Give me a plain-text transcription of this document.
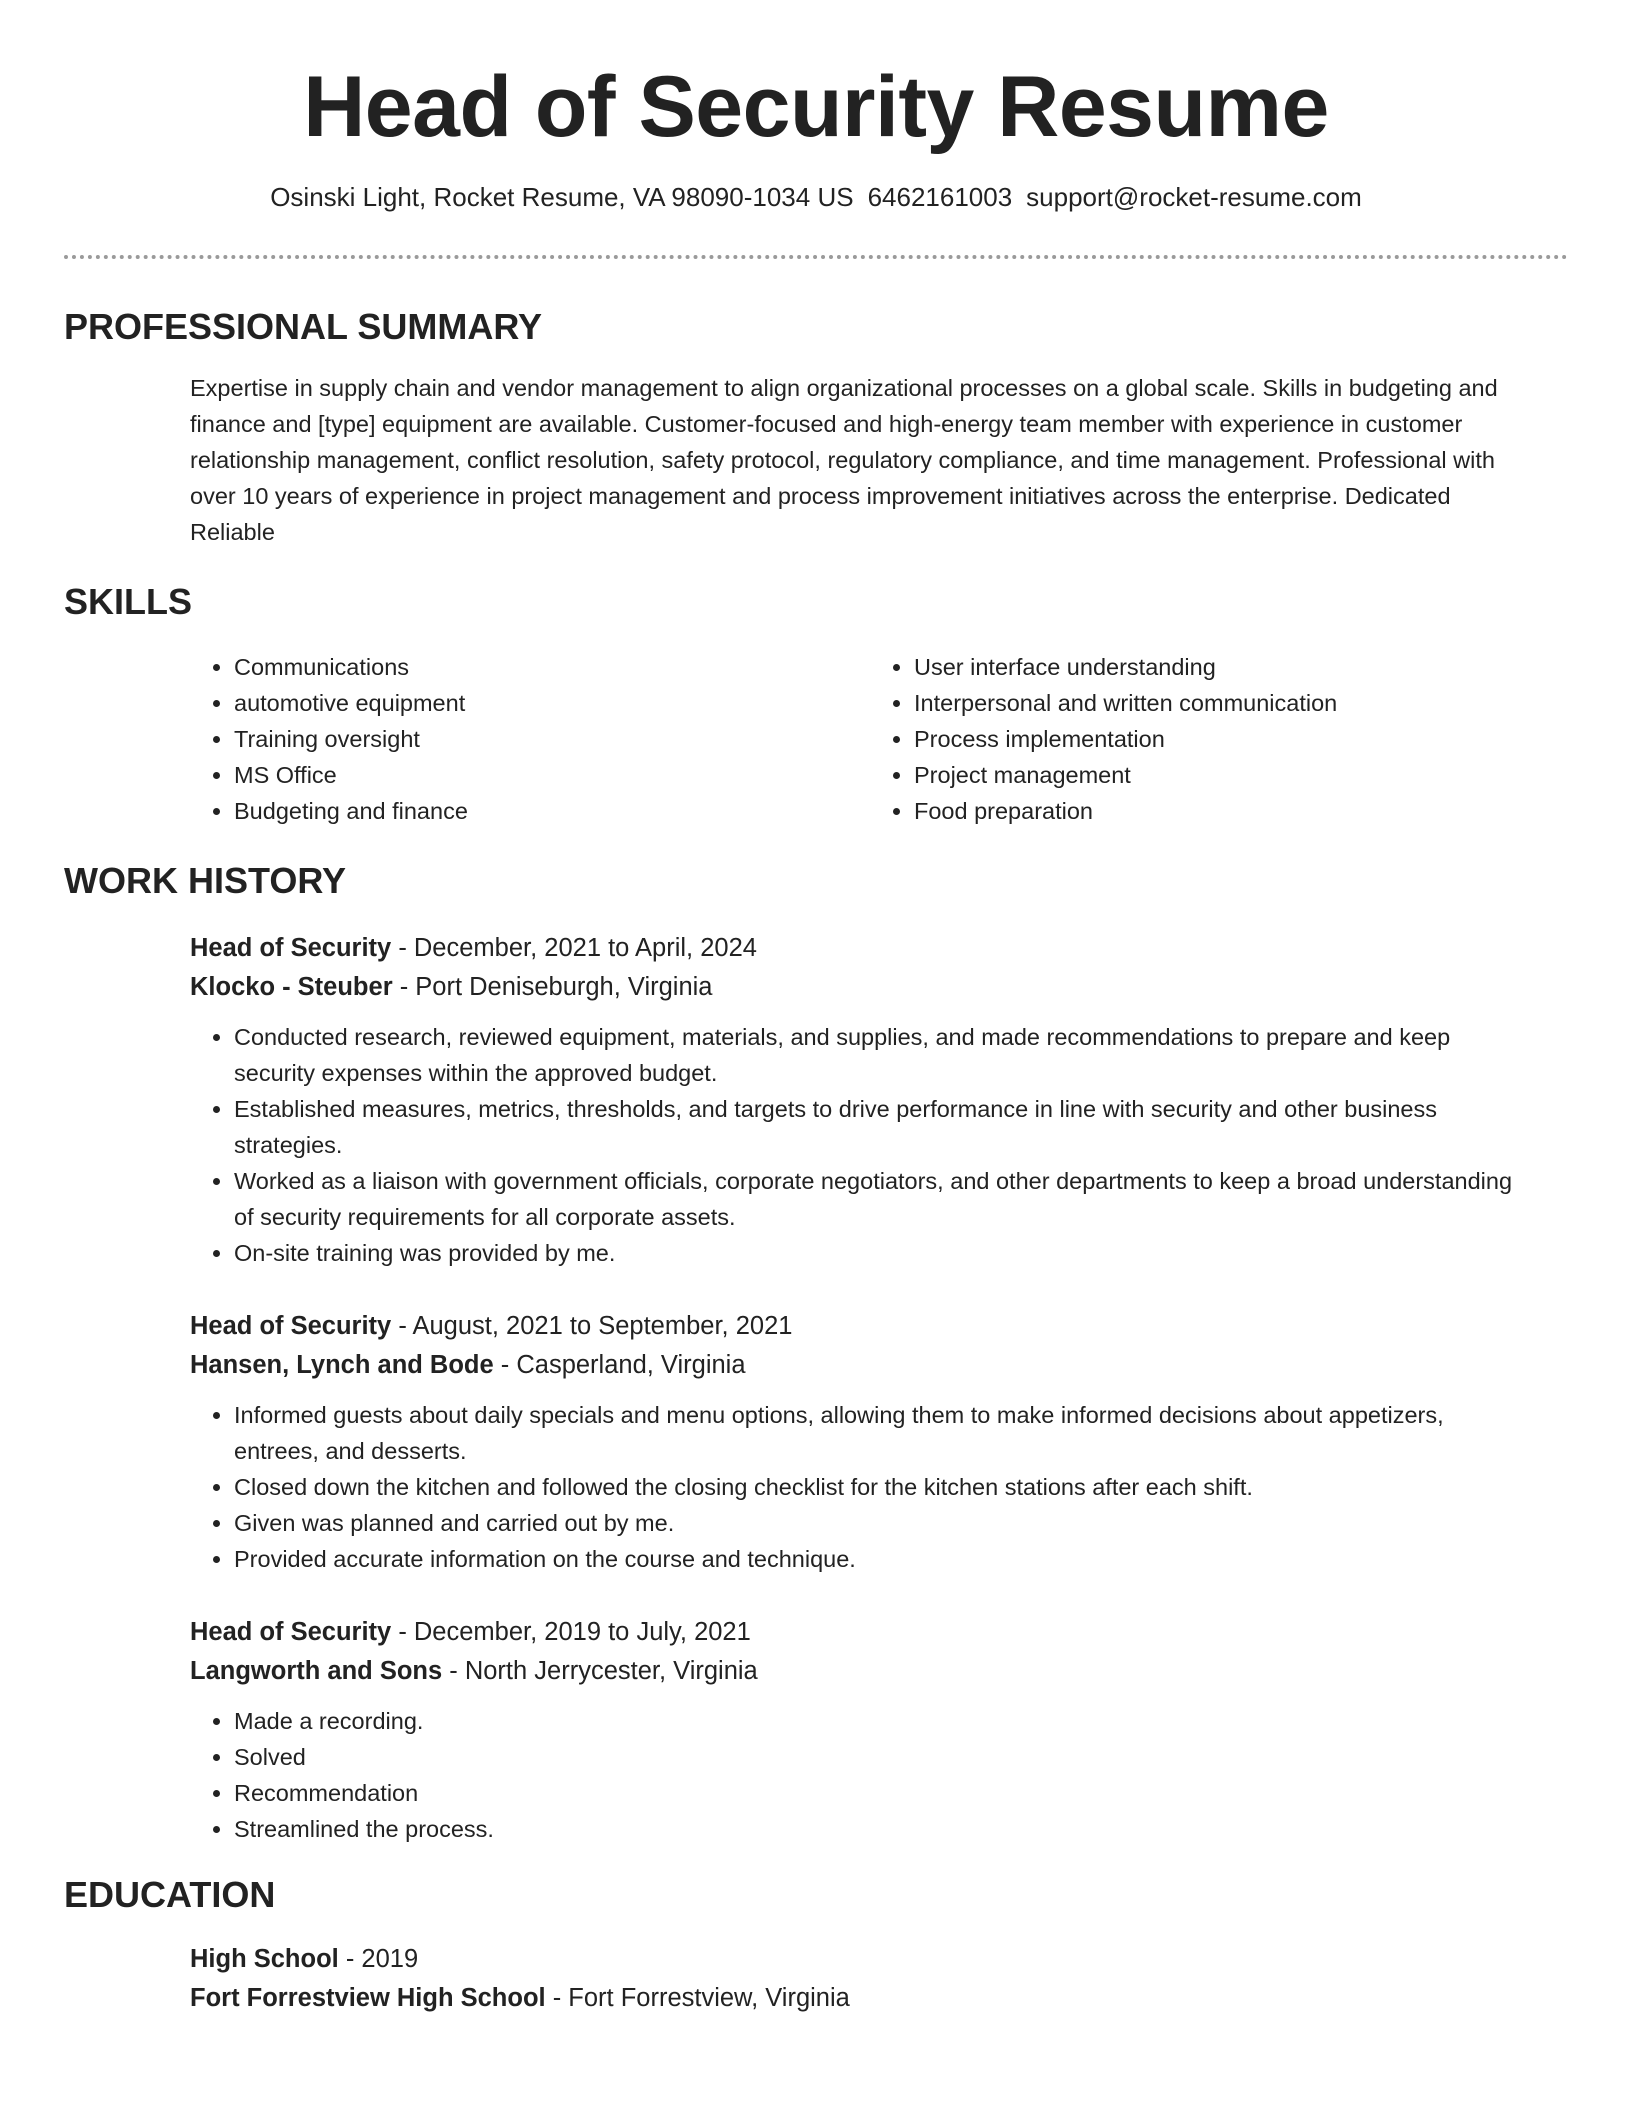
Head of Security Resume
Osinski Light, Rocket Resume, VA 98090-1034 US 6462161003 support@rocket-resume.com
PROFESSIONAL SUMMARY

Expertise in supply chain and vendor management to align organizational processes on a global scale. Skills in budgeting and finance and [type] equipment are available. Customer-focused and high-energy team member with experience in customer relationship management, conflict resolution, safety protocol, regulatory compliance, and time management. Professional with over 10 years of experience in project management and process improvement initiatives across the enterprise. Dedicated Reliable

SKILLS
• Communications
• automotive equipment
• Training oversight
• MS Office
• Budgeting and finance
• User interface understanding
• Interpersonal and written communication
• Process implementation
• Project management
• Food preparation
WORK HISTORY
Head of Security - December, 2021 to April, 2024
Klocko - Steuber - Port Deniseburgh, Virginia
• Conducted research, reviewed equipment, materials, and supplies, and made recommendations to prepare and keep security expenses within the approved budget.
• Established measures, metrics, thresholds, and targets to drive performance in line with security and other business strategies.
• Worked as a liaison with government officials, corporate negotiators, and other departments to keep a broad understanding of security requirements for all corporate assets.
• On-site training was provided by me.
Head of Security - August, 2021 to September, 2021
Hansen, Lynch and Bode - Casperland, Virginia
• Informed guests about daily specials and menu options, allowing them to make informed decisions about appetizers, entrees, and desserts.
• Closed down the kitchen and followed the closing checklist for the kitchen stations after each shift.
• Given was planned and carried out by me.
• Provided accurate information on the course and technique.
Head of Security - December, 2019 to July, 2021
Langworth and Sons - North Jerrycester, Virginia
• Made a recording.
• Solved
• Recommendation
• Streamlined the process.
EDUCATION
High School - 2019
Fort Forrestview High School - Fort Forrestview, Virginia
